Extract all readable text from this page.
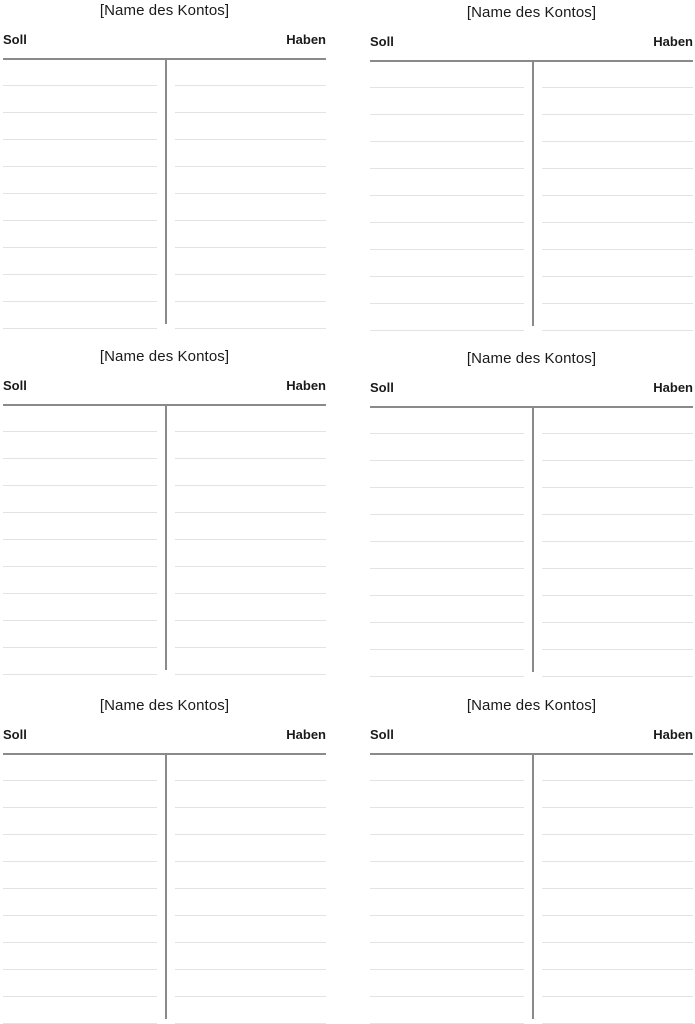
[Name des Kontos]
Soll	Haben
[Name des Kontos]
Soll	Haben
[Name des Kontos]
Soll	Haben
[Name des Kontos]
Soll	Haben
[Name des Kontos]
Soll	Haben
[Name des Kontos]
Soll	Haben
